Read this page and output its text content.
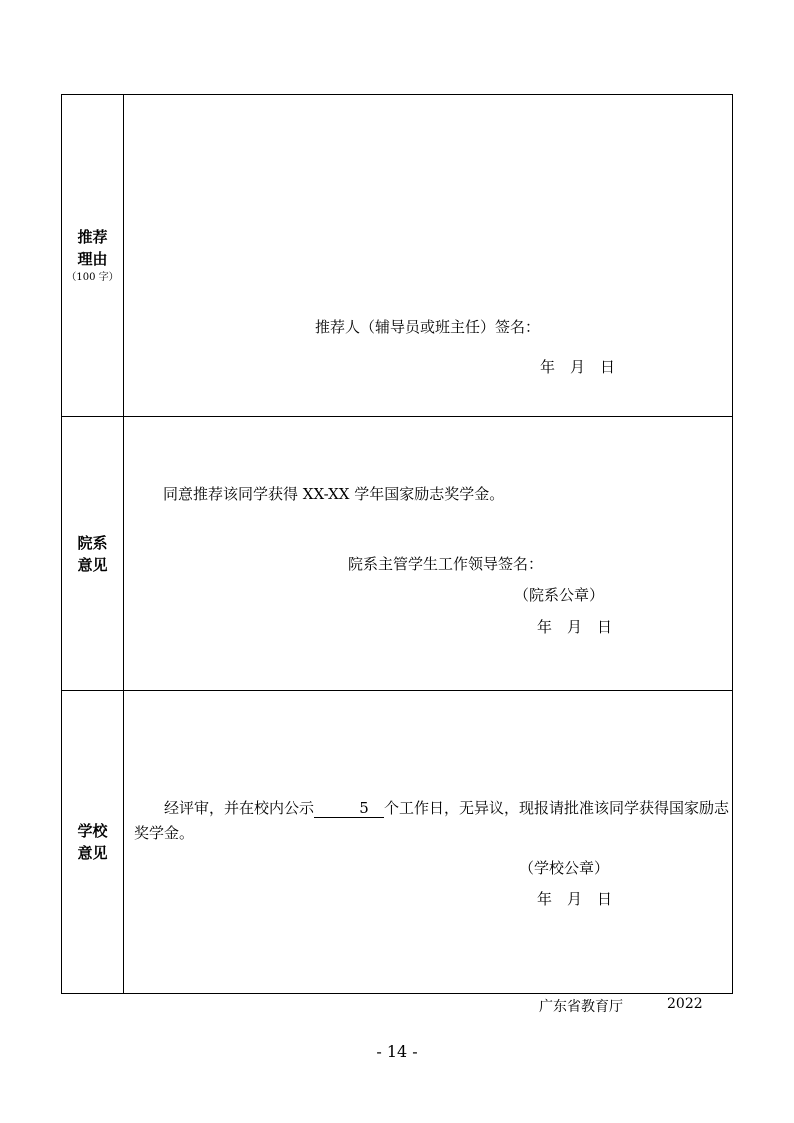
推荐
理由
（100 字）	推荐人（辅导员或班主任）签名：
年　月　日

院系
意见	同意推荐该同学获得 XX-XX 学年国家励志奖学金。
院系主管学生工作领导签名：
（院系公章）
年　月　日

学校
意见	经评审，并在校内公示 5 个工作日，无异议，现报请批准该同学获得国家励志奖学金。
（学校公章）
年　月　日
广东省教育厅	2022
- 14 -
